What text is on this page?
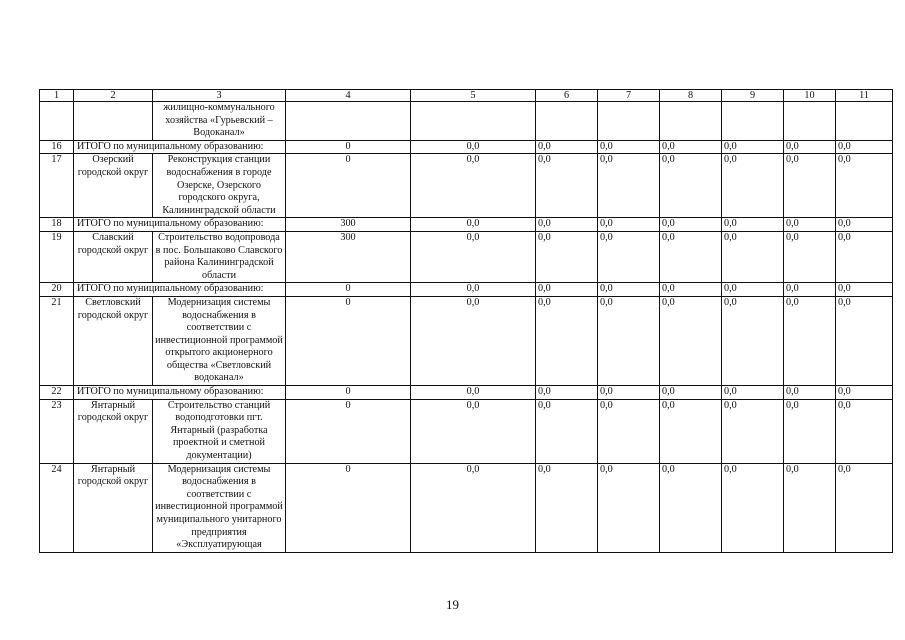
1	2	3	4	5	6	7	8	9	10	11
		жилищно-коммунального хозяйства «Гурьевский – Водоканал»								
16	ИТОГО по муниципальному образованию:		0	0,0	0,0	0,0	0,0	0,0	0,0	0,0
17	Озерский городской округ	Реконструкция станции водоснабжения в городе Озерске, Озерского городского округа, Калининградской области	0	0,0	0,0	0,0	0,0	0,0	0,0	0,0
18	ИТОГО по муниципальному образованию:		300	0,0	0,0	0,0	0,0	0,0	0,0	0,0
19	Славский городской округ	Строительство водопровода в пос. Большаково Славского района Калининградской области	300	0,0	0,0	0,0	0,0	0,0	0,0	0,0
20	ИТОГО по муниципальному образованию:		0	0,0	0,0	0,0	0,0	0,0	0,0	0,0
21	Светловский городской округ	Модернизация системы водоснабжения в соответствии с инвестиционной программой открытого акционерного общества «Светловский водоканал»	0	0,0	0,0	0,0	0,0	0,0	0,0	0,0
22	ИТОГО по муниципальному образованию:		0	0,0	0,0	0,0	0,0	0,0	0,0	0,0
23	Янтарный городской округ	Строительство станций водоподготовки пгт. Янтарный (разработка проектной и сметной документации)	0	0,0	0,0	0,0	0,0	0,0	0,0	0,0
24	Янтарный городской округ	Модернизация системы водоснабжения в соответствии с инвестиционной программой муниципального унитарного предприятия «Эксплуатирующая	0	0,0	0,0	0,0	0,0	0,0	0,0	0,0
19
